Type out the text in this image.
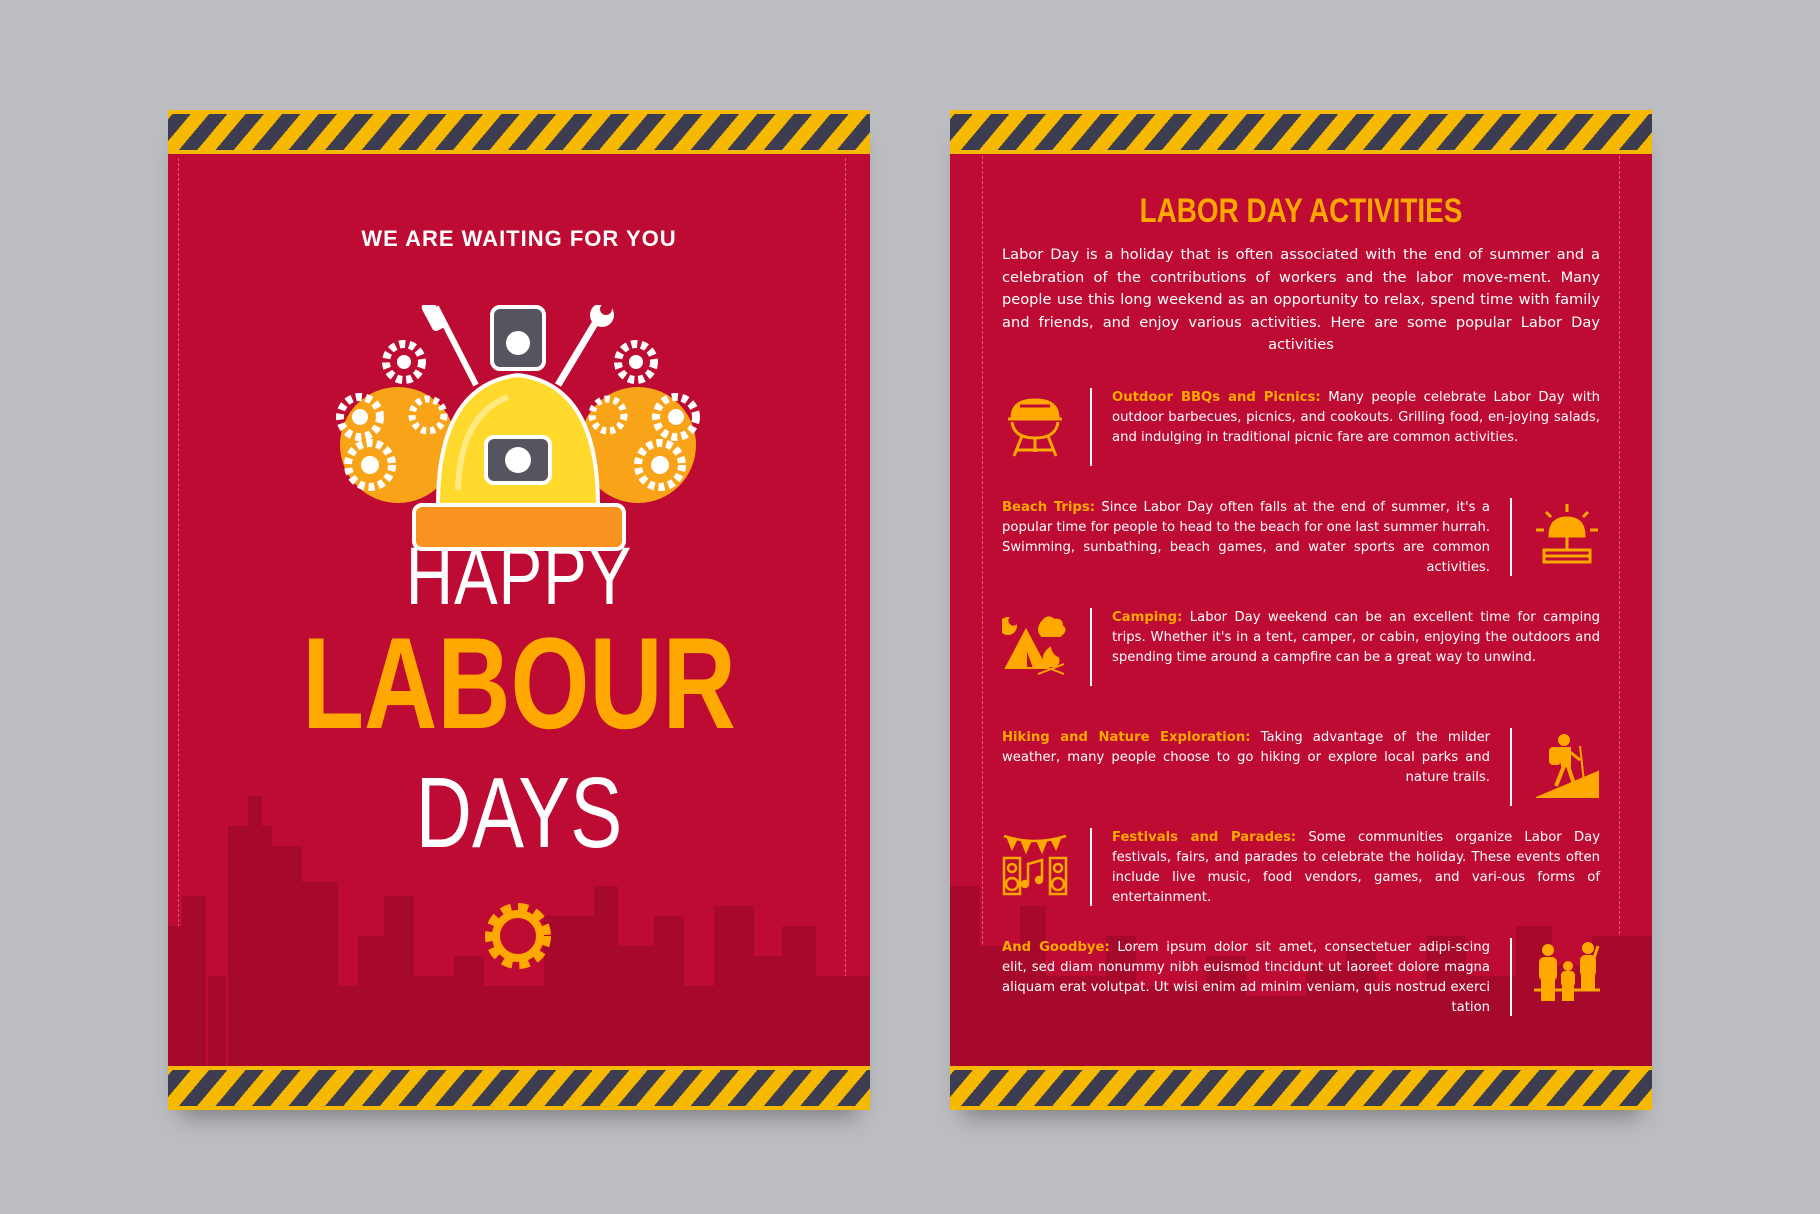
WE ARE WAITING FOR YOU
HAPPY
LABOUR
DAYS
LABOR DAY ACTIVITIES
Labor Day is a holiday that is often associated with the end of summer and a celebration of the contributions of workers and the labor move-ment. Many people use this long weekend as an opportunity to relax, spend time with family and friends, and enjoy various activities. Here are some popular Labor Day activities
Outdoor BBQs and Picnics: Many people celebrate Labor Day with outdoor barbecues, picnics, and cookouts. Grilling food, en-joying salads, and indulging in traditional picnic fare are common activities.
Beach Trips: Since Labor Day often falls at the end of summer, it's a popular time for people to head to the beach for one last summer hurrah. Swimming, sunbathing, beach games, and water sports are common activities.
Camping: Labor Day weekend can be an excellent time for camping trips. Whether it's in a tent, camper, or cabin, enjoying the outdoors and spending time around a campfire can be a great way to unwind.
Hiking and Nature Exploration: Taking advantage of the milder weather, many people choose to go hiking or explore local parks and nature trails.
Festivals and Parades: Some communities organize Labor Day festivals, fairs, and parades to celebrate the holiday. These events often include live music, food vendors, games, and vari-ous forms of entertainment.
And Goodbye: Lorem ipsum dolor sit amet, consectetuer adipi-scing elit, sed diam nonummy nibh euismod tincidunt ut laoreet dolore magna aliquam erat volutpat. Ut wisi enim ad minim veniam, quis nostrud exerci tation
